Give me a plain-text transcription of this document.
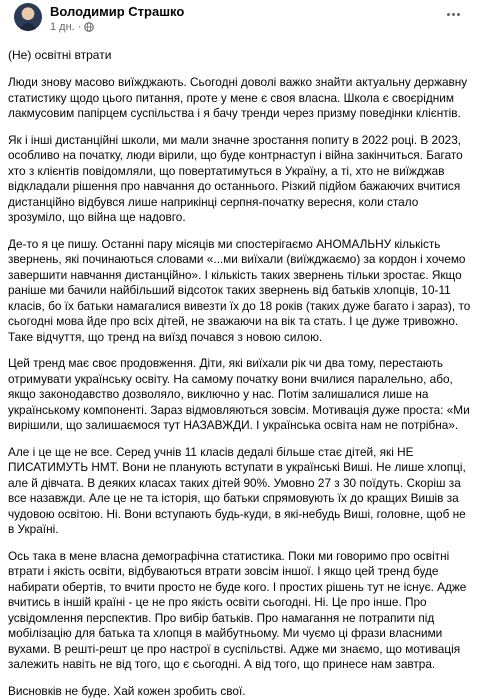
Володимир Страшко
1 дн. ·
(Не) освітні втрати

Люди знову масово виїжджають. Сьогодні доволі важко знайти актуальну державну статистику щодо цього питання, проте у мене є своя власна. Школа є своєрідним лакмусовим папірцем суспільства і я бачу тренди через призму поведінки клієнтів.

Як і інші дистанційні школи, ми мали значне зростання попиту в 2022 році. В 2023, особливо на початку, люди вірили, що буде контрнаступ і війна закінчиться. Багато хто з клієнтів повідомляли, що повертатимуться в Україну, а ті, хто не виїжджав відкладали рішення про навчання до останнього. Різкий підйом бажаючих вчитися дистанційно відбувся лише наприкінці серпня-початку вересня, коли стало зрозуміло, що війна ще надовго.

Де-то я це пишу. Останні пару місяців ми спостерігаємо АНОМАЛЬНУ кількість звернень, які починаються словами «...ми виїхали (виїжджаємо) за кордон і хочемо завершити навчання дистанційно». І кількість таких звернень тільки зростає. Якщо раніше ми бачили найбільший відсоток таких звернень від батьків хлопців, 10-11 класів, бо їх батьки намагалися вивезти їх до 18 років (таких дуже багато і зараз), то сьогодні мова йде про всіх дітей, не зважаючи на вік та стать. І це дуже тривожно. Таке відчуття, що тренд на виїзд почався з новою силою.

Цей тренд має своє продовження. Діти, які виїхали рік чи два тому, перестають отримувати українську освіту. На самому початку вони вчилися паралельно, або, якщо законодавство дозволяло, виключно у нас. Потім залишалися лише на українському компоненті. Зараз відмовляються зовсім. Мотивація дуже проста: «Ми вирішили, що залишаємося тут НАЗАВЖДИ. І українська освіта нам не потрібна».

Але і це ще не все. Серед учнів 11 класів дедалі більше стає дітей, які НЕ ПИСАТИМУТЬ НМТ. Вони не планують вступати в українські Виші. Не лише хлопці, але й дівчата. В деяких класах таких дітей 90%. Умовно 27 з 30 поїдуть. Скоріш за все назавжди. Але це не та історія, що батьки спрямовують їх до кращих Вишів за чудовою освітою. Ні. Вони вступають будь-куди, в які-небудь Виші, головне, щоб не в Україні.

Ось така в мене власна демографічна статистика. Поки ми говоримо про освітні втрати і якість освіти, відбуваються втрати зовсім іншої. І якщо цей тренд буде набирати обертів, то вчити просто не буде кого. І простих рішень тут не існує. Адже вчитись в іншій країні - це не про якість освіти сьогодні. Ні. Це про інше. Про усвідомлення перспектив. Про вибір батьків. Про намагання не потрапити під мобілізацію для батька та хлопця в майбутньому. Ми чуємо ці фрази власними вухами. В решті-решт це про настрої в суспільстві. Адже ми знаємо, що мотивація залежить навіть не від того, що є сьогодні. А від того, що принесе нам завтра.

Висновків не буде. Хай кожен зробить свої.
